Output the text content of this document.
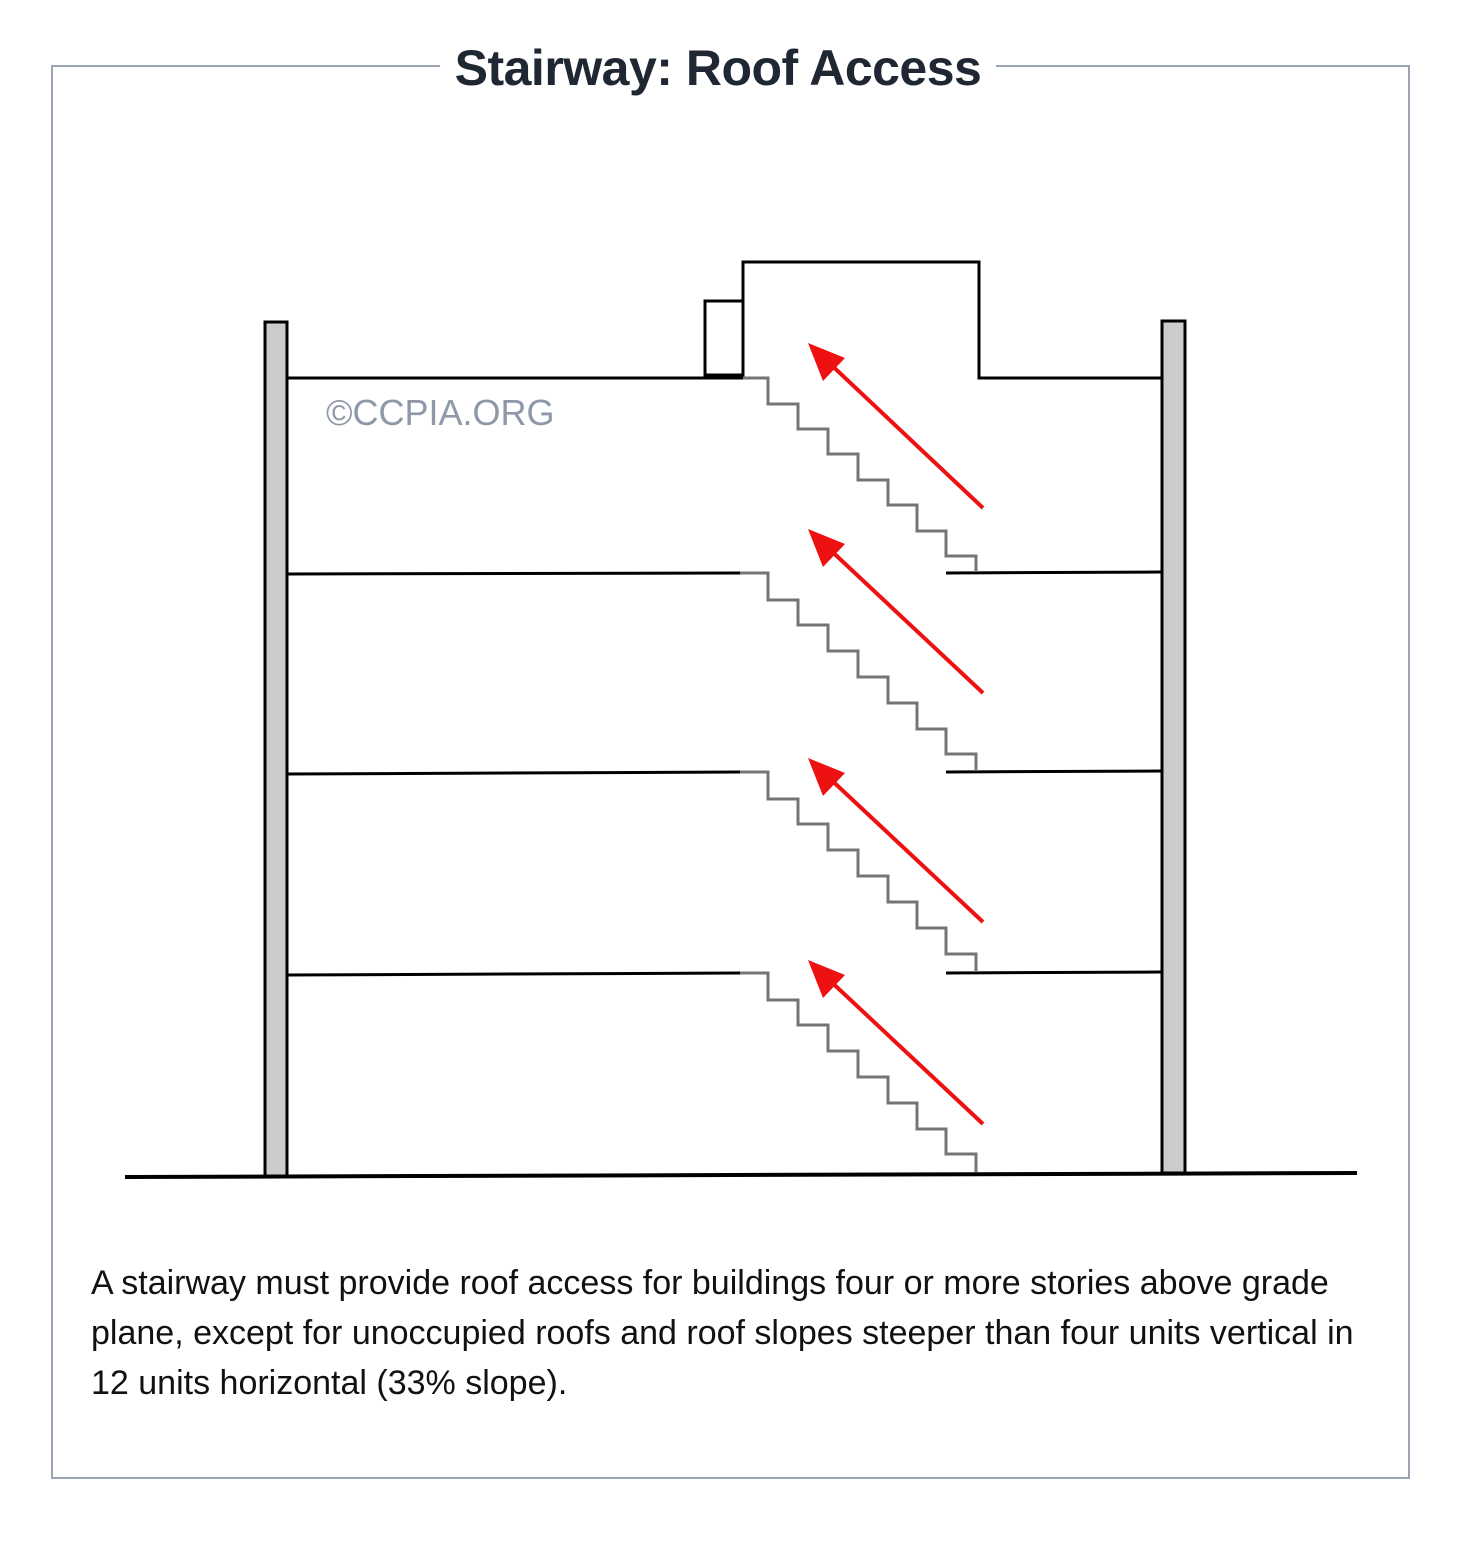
Stairway: Roof Access
©CCPIA.ORG
A stairway must provide roof access for buildings four or more stories above grade plane, except for unoccupied roofs and roof slopes steeper than four units vertical in 12 units horizontal (33% slope).
